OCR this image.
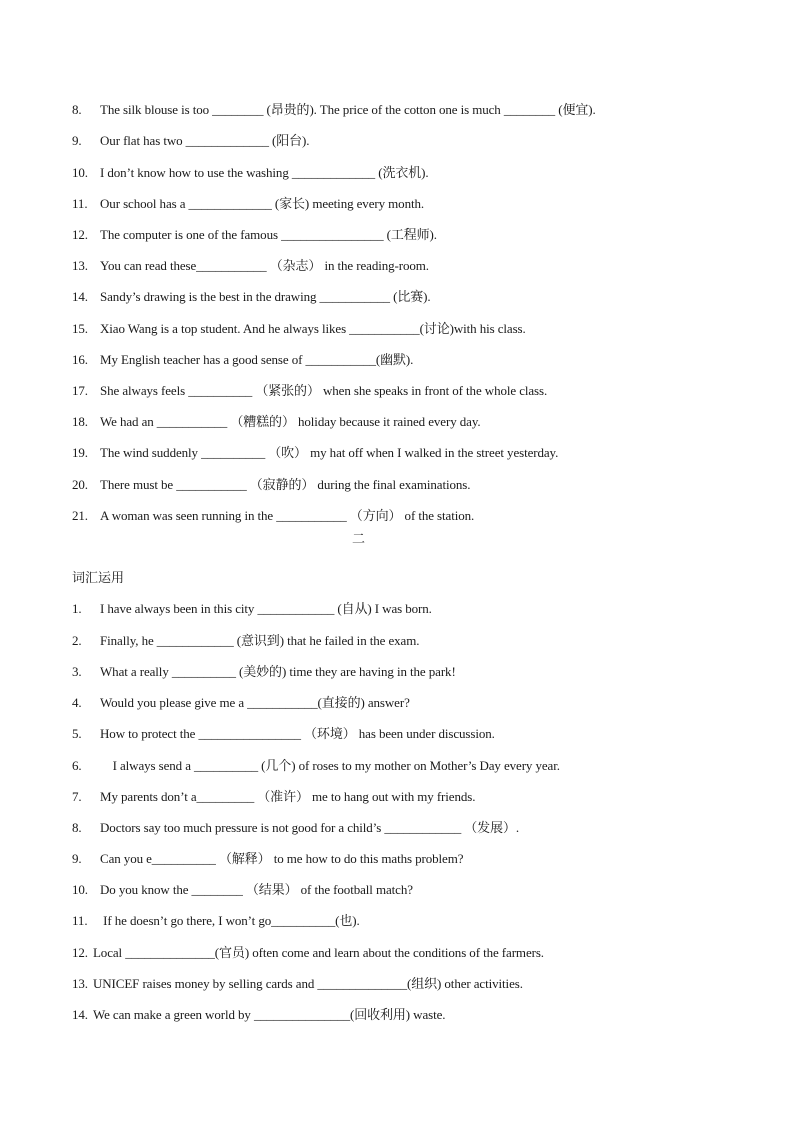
8. The silk blouse is too ________ (昂贵的). The price of the cotton one is much ________ (便宜).
9. Our flat has two _____________ (阳台).
10. I don’t know how to use the washing _____________ (洗衣机).
11. Our school has a _____________ (家长) meeting every month.
12. The computer is one of the famous ________________ (工程师).
13. You can read these___________ （杂志） in the reading-room.
14. Sandy’s drawing is the best in the drawing ___________ (比赛).
15. Xiao Wang is a top student. And he always likes ___________(讨论)with his class.
16. My English teacher has a good sense of ___________(幽默).
17. She always feels __________ （紧张的） when she speaks in front of the whole class.
18. We had an ___________ （糟糕的） holiday because it rained every day.
19. The wind suddenly __________ （吹） my hat off when I walked in the street yesterday.
20. There must be ___________ （寂静的） during the final examinations.
21. A woman was seen running in the ___________ （方向） of the station.
二
词汇运用
1. I have always been in this city ____________ (自从) I was born.
2. Finally, he ____________ (意识到) that he failed in the exam.
3. What a really __________ (美妙的) time they are having in the park!
4. Would you please give me a ___________(直接的) answer?
5. How to protect the ________________ （环境） has been under discussion.
6.    I always send a __________ (几个) of roses to my mother on Mother’s Day every year.
7. My parents don’t a_________ （准许） me to hang out with my friends.
8. Doctors say too much pressure is not good for a child’s ____________ （发展）.
9. Can you e__________ （解释） to me how to do this maths problem?
10. Do you know the ________ （结果） of the football match?
11. If he doesn’t go there, I won’t go__________(也).
12. Local ______________(官员) often come and learn about the conditions of the farmers.
13. UNICEF raises money by selling cards and ______________(组织) other activities.
14. We can make a green world by _______________(回收利用) waste.
